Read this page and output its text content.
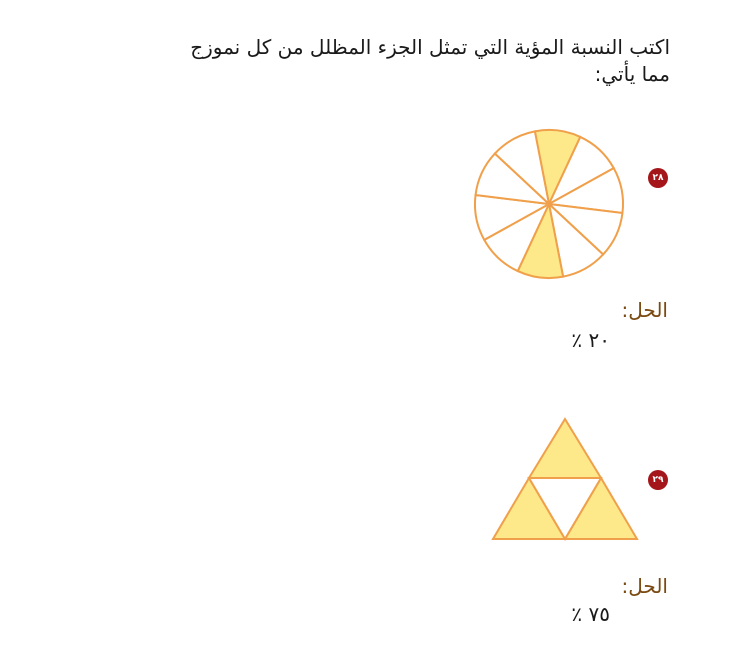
اكتب النسبة المؤية التي تمثل الجزء المظلل من كل نموزج
مما يأتي:
٢٨
الحل:
٢٠ ٪
٢٩
الحل:
٧٥ ٪
